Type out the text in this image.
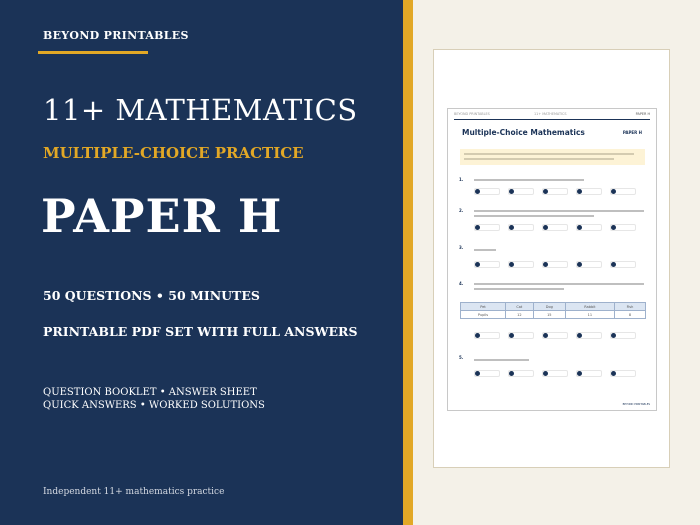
BEYOND PRINTABLES
11+ MATHEMATICS
MULTIPLE-CHOICE PRACTICE
PAPER H
50 QUESTIONS • 50 MINUTES
PRINTABLE PDF SET WITH FULL ANSWERS
QUESTION BOOKLET • ANSWER SHEET
QUICK ANSWERS • WORKED SOLUTIONS
Independent 11+ mathematics practice
BEYOND PRINTABLES	11+ MATHEMATICS	PAPER H
Multiple-Choice Mathematics	PAPER H
1.
2.
3.
4.
Pet	Cat	Dog	Rabbit	Fish
Pupils	12	15	11	8
5.
BEYOND PRINTABLES
